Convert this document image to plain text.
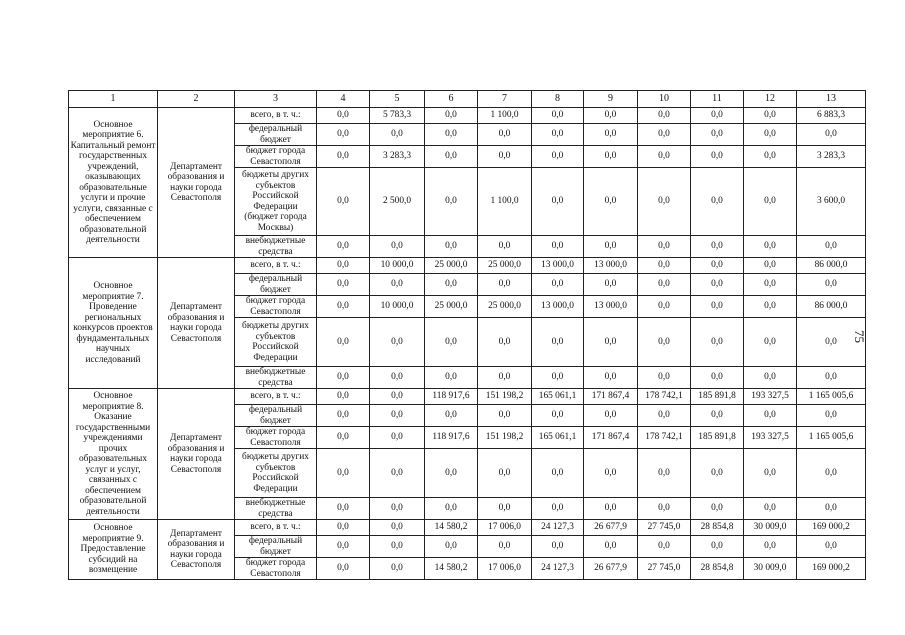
1	2	3	4	5	6	7	8	9	10	11	12	13
Основное мероприятие 6. Капитальный ремонт государственных учреждений, оказывающих образовательные услуги и прочие услуги, связанные с обеспечением образовательной деятельности	Департамент образования и науки города Севастополя	всего, в т. ч.:	0,0	5 783,3	0,0	1 100,0	0,0	0,0	0,0	0,0	0,0	6 883,3
		федеральный бюджет	0,0	0,0	0,0	0,0	0,0	0,0	0,0	0,0	0,0	0,0
		бюджет города Севастополя	0,0	3 283,3	0,0	0,0	0,0	0,0	0,0	0,0	0,0	3 283,3
		бюджеты других субъектов Российской Федерации (бюджет города Москвы)	0,0	2 500,0	0,0	1 100,0	0,0	0,0	0,0	0,0	0,0	3 600,0
		внебюджетные средства	0,0	0,0	0,0	0,0	0,0	0,0	0,0	0,0	0,0	0,0
Основное мероприятие 7. Проведение региональных конкурсов проектов фундаментальных научных исследований	Департамент образования и науки города Севастополя	всего, в т. ч.:	0,0	10 000,0	25 000,0	25 000,0	13 000,0	13 000,0	0,0	0,0	0,0	86 000,0
		федеральный бюджет	0,0	0,0	0,0	0,0	0,0	0,0	0,0	0,0	0,0	0,0
		бюджет города Севастополя	0,0	10 000,0	25 000,0	25 000,0	13 000,0	13 000,0	0,0	0,0	0,0	86 000,0
		бюджеты других субъектов Российской Федерации	0,0	0,0	0,0	0,0	0,0	0,0	0,0	0,0	0,0	0,0
		внебюджетные средства	0,0	0,0	0,0	0,0	0,0	0,0	0,0	0,0	0,0	0,0
Основное мероприятие 8. Оказание государственными учреждениями прочих образовательных услуг и услуг, связанных с обеспечением образовательной деятельности	Департамент образования и науки города Севастополя	всего, в т. ч.:	0,0	0,0	118 917,6	151 198,2	165 061,1	171 867,4	178 742,1	185 891,8	193 327,5	1 165 005,6
		федеральный бюджет	0,0	0,0	0,0	0,0	0,0	0,0	0,0	0,0	0,0	0,0
		бюджет города Севастополя	0,0	0,0	118 917,6	151 198,2	165 061,1	171 867,4	178 742,1	185 891,8	193 327,5	1 165 005,6
		бюджеты других субъектов Российской Федерации	0,0	0,0	0,0	0,0	0,0	0,0	0,0	0,0	0,0	0,0
		внебюджетные средства	0,0	0,0	0,0	0,0	0,0	0,0	0,0	0,0	0,0	0,0
Основное мероприятие 9. Предоставление субсидий на возмещение	Департамент образования и науки города Севастополя	всего, в т. ч.:	0,0	0,0	14 580,2	17 006,0	24 127,3	26 677,9	27 745,0	28 854,8	30 009,0	169 000,2
		федеральный бюджет	0,0	0,0	0,0	0,0	0,0	0,0	0,0	0,0	0,0	0,0
		бюджет города Севастополя	0,0	0,0	14 580,2	17 006,0	24 127,3	26 677,9	27 745,0	28 854,8	30 009,0	169 000,2
75
